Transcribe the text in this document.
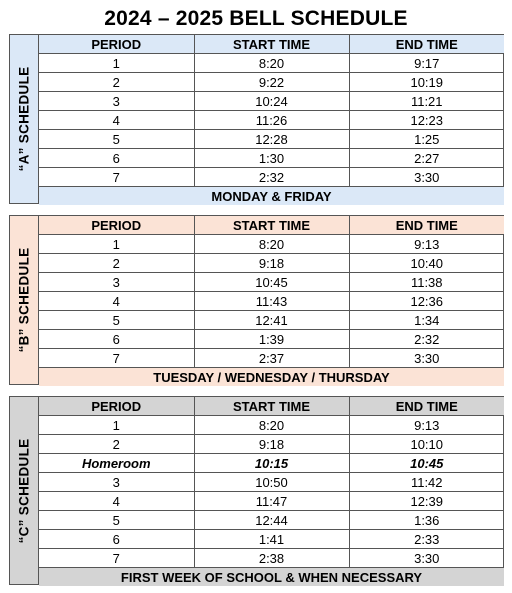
2024 – 2025 BELL SCHEDULE
“A” SCHEDULE
PERIOD	START TIME	END TIME
1	8:20	9:17
2	9:22	10:19
3	10:24	11:21
4	11:26	12:23
5	12:28	1:25
6	1:30	2:27
7	2:32	3:30
MONDAY & FRIDAY		
“B” SCHEDULE
PERIOD	START TIME	END TIME
1	8:20	9:13
2	9:18	10:40
3	10:45	11:38
4	11:43	12:36
5	12:41	1:34
6	1:39	2:32
7	2:37	3:30
TUESDAY / WEDNESDAY / THURSDAY		
“C” SCHEDULE
PERIOD	START TIME	END TIME
1	8:20	9:13
2	9:18	10:10
Homeroom	10:15	10:45
3	10:50	11:42
4	11:47	12:39
5	12:44	1:36
6	1:41	2:33
7	2:38	3:30
FIRST WEEK OF SCHOOL & WHEN NECESSARY		
